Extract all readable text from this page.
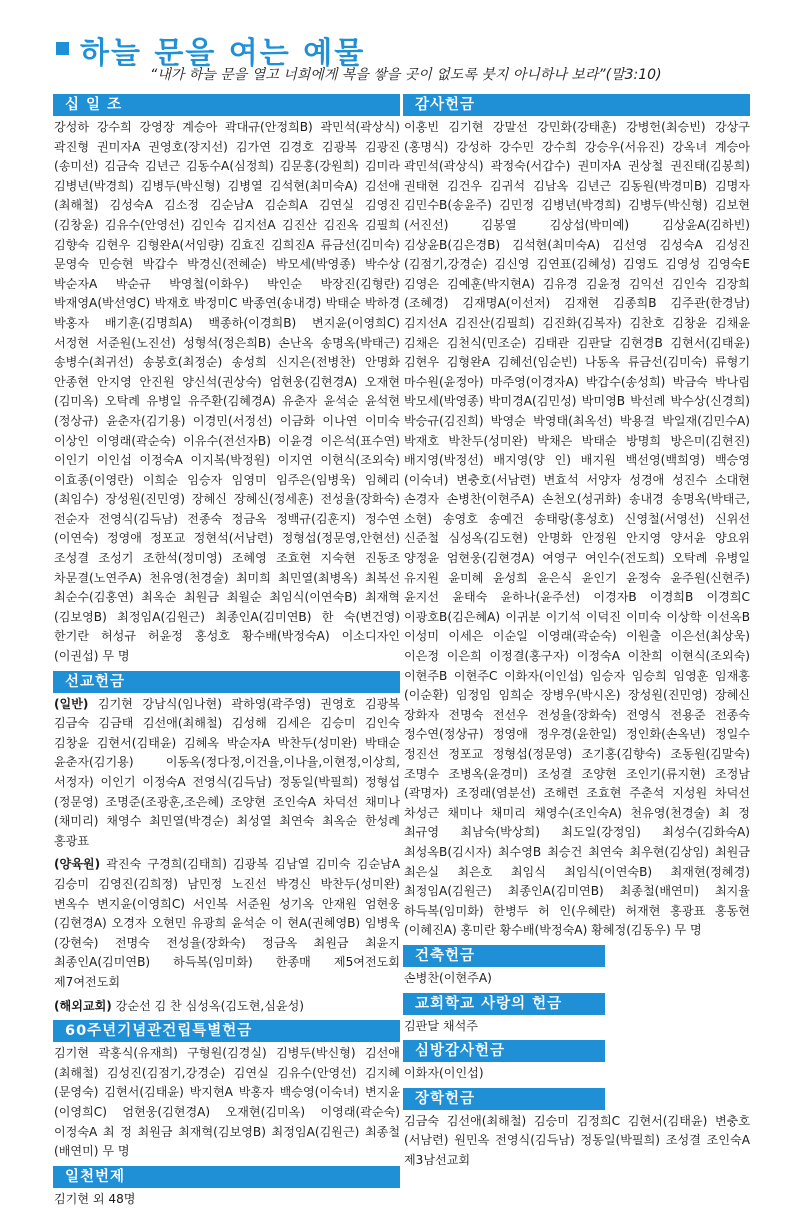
하늘 문을 여는 예물
“내가 하늘 문을 열고 너희에게 복을 쌓을 곳이 없도록 붓지 아니하나 보라”(말3:10)
십 일 조
강성하 강수희 강영장 계승아 곽대규(안정희B) 곽민석(곽상식) 곽진형 권미자A 권영호(장지선) 김가연 김경호 김광복 김광진(송미선) 김금숙 김년근 김동수A(심정희) 김문홍(강원희) 김미라 김병년(박경희) 김병두(박신형) 김병열 김석현(최미숙A) 김선애(최해철) 김성숙A 김소정 김순남A 김순희A 김연실 김영진(김창윤) 김유수(안영선) 김인숙 김지선A 김진산 김진옥 김필희 김향숙 김현우 김형완A(서임량) 김효진 김희진A 류금선(김미숙) 문영숙 민승현 박갑수 박경신(전혜순) 박모세(박영종) 박수상 박순자A 박순규 박영철(이화우) 박인순 박장진(김형란) 박재영A(박선영C) 박재호 박정미C 박종연(송내경) 박태순 박하경 박홍자 배기훈(김명희A) 백종하(이경희B) 변지윤(이영희C) 서정현 서준원(노진선) 성형석(정은희B) 손난옥 송명옥(박태근) 송병수(최귀선) 송봉호(최정순) 송성희 신지은(전병찬) 안명화 안종현 안지영 안진원 양신석(권상숙) 엄현웅(김현경A) 오재현(김미옥) 오탁례 유병일 유주환(김혜경A) 유춘자 윤석순 윤석현(정상규) 윤춘자(김기용) 이경민(서정선) 이금화 이나연 이미숙 이상인 이영래(곽순숙) 이유수(전선자B) 이윤경 이은석(표수연) 이인기 이인섭 이정숙A 이지복(박정원) 이지연 이현식(조외숙) 이효종(이영란) 이희순 임승자 임영미 임주은(임병욱) 임혜리(최임수) 장성원(진민영) 장혜신 장혜신(정세훈) 전성율(장화숙) 전순자 전영식(김득남) 전종숙 정금옥 정백규(김훈지) 정수연(이연숙) 정영애 정포교 정현석(서남련) 정형섭(정문영,안현선) 조성결 조성기 조한석(정미영) 조혜영 조효현 지숙현 진동조 차문결(노연주A) 천유영(천경술) 최미희 최민열(최병옥) 최복선 최순수(김홍연) 최옥순 최원금 최월순 최임식(이연숙B) 최재혁(김보영B) 최정임A(김원근) 최종인A(김미연B) 한 숙(변건영) 한기란 허성규 허윤정 홍성호 황수배(박정숙A) 이소디자인(이권섭) 무 명
선교헌금
(일반) 김기현 강남식(임나현) 곽하영(곽주영) 권영호 김광복 김금숙 김금태 김선애(최해철) 김성해 김세은 김승미 김인숙 김창윤 김현서(김태윤) 김혜옥 박순자A 박찬두(성미완) 박태순 윤춘자(김기용) 이동옥(정다정,이건율,이나율,이현정,이상희,서정자) 이인기 이정숙A 전영식(김득남) 정동일(박필희) 정형섭(정문영) 조명준(조광훈,조은혜) 조양현 조인숙A 차덕선 채미나(채미리) 채영수 최민열(박경순) 최성열 최연숙 최옥순 한성례 홍광표
(양육원) 곽진숙 구경희(김태희) 김광복 김남열 김미숙 김순남A 김승미 김영진(김희정) 남민정 노진선 박경신 박찬두(성미완) 변옥수 변지윤(이영희C) 서인복 서준원 성기옥 안재원 엄현웅(김현경A) 오경자 오현민 유광희 윤석순 이 현A(권혜영B) 임병욱(강현숙) 전명숙 전성율(장화숙) 정금옥 최원금 최윤지 최종인A(김미연B) 하득복(임미화) 한종매 제5여전도회 제7여전도회
(해외교회) 강순선 김 찬 심성옥(김도현,심윤성)
60주년기념관건립특별헌금
김기현 곽홍식(유재희) 구형원(김경실) 김병두(박신형) 김선애(최해철) 김성진(김점기,강경순) 김연실 김유수(안영선) 김지혜(문영숙) 김현서(김태윤) 박지현A 박홍자 백승영(이숙녀) 변지윤(이영희C) 엄현웅(김현경A) 오재현(김미옥) 이영래(곽순숙) 이정숙A 최 정 최원금 최재혁(김보영B) 최정임A(김원근) 최종철(배연미) 무 명
일천번제
김기현 외 48명
감사헌금
이홍빈 김기현 강말선 강민화(강태훈) 강병헌(최승빈) 강상구(홍명식) 강성하 강수민 강수희 강승우(서유진) 강옥녀 계승아 곽민석(곽상식) 곽정숙(서갑수) 권미자A 권상철 권진태(김봉희) 권태현 김건우 김귀석 김남옥 김년근 김동원(박경미B) 김명자 김민수B(송윤주) 김민정 김병년(박경희) 김병두(박신형) 김보현(서진선) 김봉열 김상섭(박미예) 김상윤A(김하빈) 김상윤B(김은경B) 김석현(최미숙A) 김선영 김성숙A 김성진(김점기,강경순) 김신영 김연표(김혜성) 김영도 김영성 김영숙E 김영은 김예훈(박지현A) 김유경 김윤정 김익선 김인숙 김장희(조혜경) 김재명A(이선저) 김재현 김종희B 김주관(한경남) 김지선A 김진산(김필희) 김진화(김복자) 김찬호 김창윤 김채윤 김채은 김천식(민조순) 김태관 김판달 김현경B 김현서(김태윤) 김현우 김형완A 김혜선(임순빈) 나동옥 류금선(김미숙) 류형기 마수원(윤정아) 마주영(이경자A) 박갑수(송성희) 박금숙 박나림 박모세(박영종) 박미경A(김민성) 박미영B 박선례 박수상(신경희) 박승규(김진희) 박영순 박영태(최옥선) 박용걸 박일재(김민수A) 박재호 박찬두(성미완) 박채은 박태순 방명희 방은미(김현진) 배지영(박정선) 배지영(양 인) 배지원 백선영(백희영) 백승영(이숙녀) 변충호(서남련) 변효석 서양자 성경애 성진수 소대현 손경자 손병찬(이현주A) 손천오(성귀화) 송내경 송명옥(박태근,소현) 송영호 송예건 송태랑(홍성호) 신영철(서영선) 신위선 신준철 심성옥(김도현) 안명화 안정원 안지영 양서윤 양요위 양정윤 엄현웅(김현경A) 여영구 여인수(전도희) 오탁례 유병일 유지원 윤미혜 윤성희 윤은식 윤인기 윤정숙 윤주원(신현주) 윤지선 윤태숙 윤하나(윤주선) 이경자B 이경희B 이경희C 이광호B(김은혜A) 이귀분 이기석 이덕진 이미숙 이상학 이선옥B 이성미 이세은 이순일 이영래(곽순숙) 이원출 이은선(최상욱) 이은정 이은희 이정결(홍구자) 이정숙A 이찬희 이현식(조외숙) 이현주B 이현주C 이화자(이인섭) 임승자 임승희 임영훈 임재홍(이순환) 임정임 임희순 장병우(박시온) 장성원(진민영) 장혜신 장화자 전명숙 전선우 전성율(장화숙) 전영식 전용준 전종숙 정수연(정상규) 정영애 정우경(윤한일) 정인화(손옥년) 정일수 정진선 정포교 정형섭(정문영) 조기홍(김향숙) 조동원(김말숙) 조명수 조병옥(윤경미) 조성결 조양현 조인기(류지현) 조정남(곽명자) 조정래(염분선) 조해련 조효현 주춘석 지성원 차덕선 차성근 채미나 채미리 채영수(조인숙A) 천유영(천경술) 최 정 최규영 최남숙(박상희) 최도일(강정임) 최성수(김화숙A) 최성옥B(김시자) 최수영B 최승건 최연숙 최우현(김상임) 최원금 최은실 최은호 최임식 최임식(이연숙B) 최재현(정혜경) 최정임A(김원근) 최종인A(김미연B) 최종철(배연미) 최지율 하득복(임미화) 한병두 허 인(우혜란) 허재현 홍광표 홍동현(이혜진A) 홍미란 황수배(박정숙A) 황혜정(김동우) 무 명
건축헌금
손병찬(이현주A)
교회학교 사랑의 헌금
김판달 채석주
심방감사헌금
이화자(이인섭)
장학헌금
김금숙 김선애(최해철) 김승미 김정희C 김현서(김태윤) 변충호(서남련) 원민옥 전영식(김득남) 정동일(박필희) 조성결 조인숙A 제3남선교회
